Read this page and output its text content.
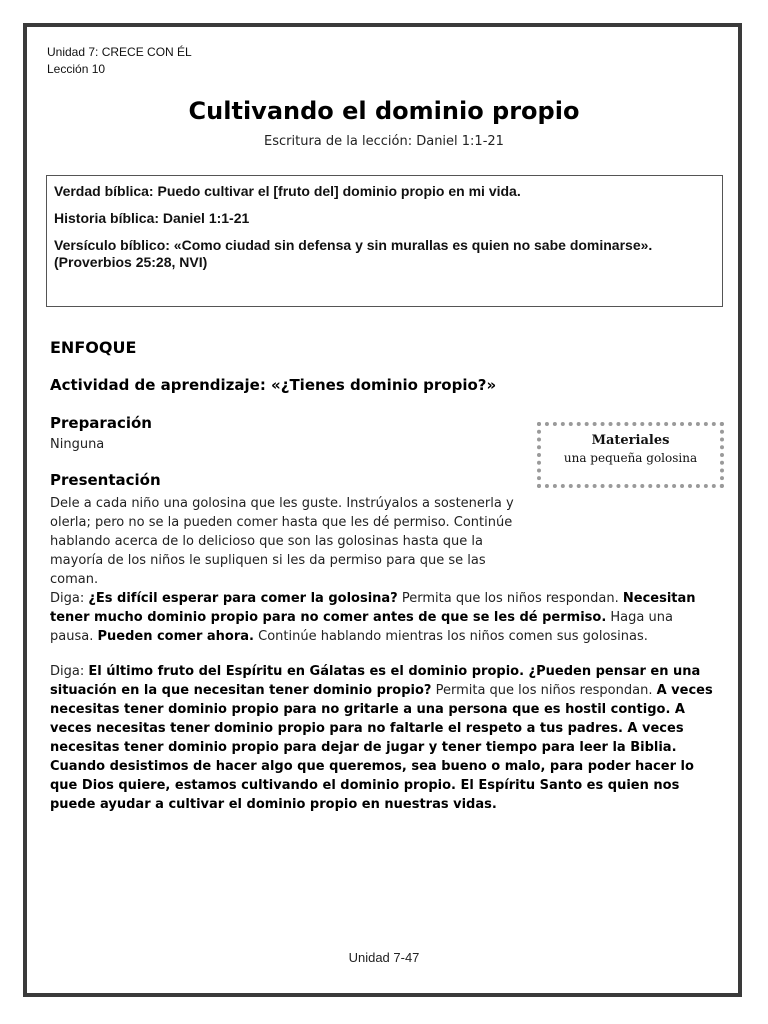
Unidad 7: CRECE CON ÉL
Lección 10
Cultivando el dominio propio
Escritura de la lección: Daniel 1:1-21

Verdad bíblica: Puedo cultivar el [fruto del] dominio propio en mi vida.

Historia bíblica: Daniel 1:1-21

Versículo bíblico: «Como ciudad sin defensa y sin murallas es quien no sabe dominarse». (Proverbios 25:28, NVI)

ENFOQUE
Actividad de aprendizaje: «¿Tienes dominio propio?»
Preparación
Ninguna	Materiales
una pequeña golosina
Presentación

Dele a cada niño una golosina que les guste. Instrúyalos a sostenerla y olerla; pero no se la pueden comer hasta que les dé permiso. Continúe hablando acerca de lo delicioso que son las golosinas hasta que la mayoría de los niños le supliquen si les da permiso para que se las coman.

Diga: ¿Es difícil esperar para comer la golosina? Permita que los niños respondan. Necesitan tener mucho dominio propio para no comer antes de que se les dé permiso. Haga una pausa. Pueden comer ahora. Continúe hablando mientras los niños comen sus golosinas.

Diga: El último fruto del Espíritu en Gálatas es el dominio propio. ¿Pueden pensar en una situación en la que necesitan tener dominio propio? Permita que los niños respondan. A veces necesitas tener dominio propio para no gritarle a una persona que es hostil contigo. A veces necesitas tener dominio propio para no faltarle el respeto a tus padres. A veces necesitas tener dominio propio para dejar de jugar y tener tiempo para leer la Biblia. Cuando desistimos de hacer algo que queremos, sea bueno o malo, para poder hacer lo que Dios quiere, estamos cultivando el dominio propio. El Espíritu Santo es quien nos puede ayudar a cultivar el dominio propio en nuestras vidas.

Unidad 7-47
